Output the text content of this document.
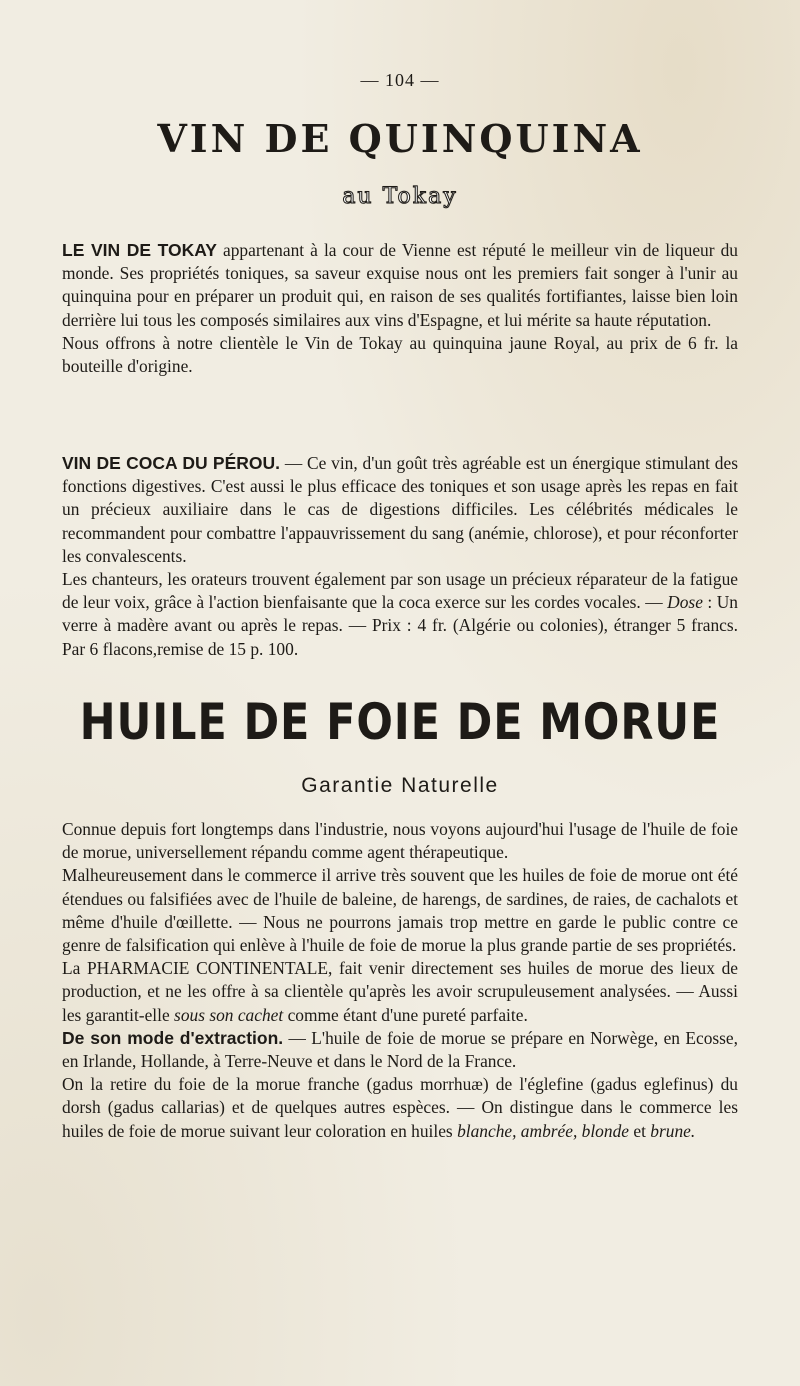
— 104 —
VIN DE QUINQUINA
au Tokay

LE VIN DE TOKAY appartenant à la cour de Vienne est réputé le meilleur vin de liqueur du monde. Ses propriétés toniques, sa saveur exquise nous ont les premiers fait songer à l'unir au quinquina pour en préparer un produit qui, en raison de ses qualités fortifiantes, laisse bien loin derrière lui tous les composés similaires aux vins d'Espagne, et lui mérite sa haute réputation.

Nous offrons à notre clientèle le Vin de Tokay au quinquina jaune Royal, au prix de 6 fr. la bouteille d'origine.

VIN DE COCA DU PÉROU. — Ce vin, d'un goût très agréable est un énergique stimulant des fonctions digestives. C'est aussi le plus efficace des toniques et son usage après les repas en fait un précieux auxiliaire dans le cas de digestions difficiles. Les célébrités médicales le recommandent pour combattre l'appauvrissement du sang (anémie, chlorose), et pour réconforter les convalescents.

Les chanteurs, les orateurs trouvent également par son usage un précieux réparateur de la fatigue de leur voix, grâce à l'action bienfaisante que la coca exerce sur les cordes vocales. — Dose : Un verre à madère avant ou après le repas. — Prix : 4 fr. (Algérie ou colonies), étranger 5 francs. Par 6 flacons,remise de 15 p. 100.

HUILE DE FOIE DE MORUE
Garantie Naturelle

Connue depuis fort longtemps dans l'industrie, nous voyons aujourd'hui l'usage de l'huile de foie de morue, universellement répandu comme agent thérapeutique.

Malheureusement dans le commerce il arrive très souvent que les huiles de foie de morue ont été étendues ou falsifiées avec de l'huile de baleine, de harengs, de sardines, de raies, de cachalots et même d'huile d'œillette. — Nous ne pourrons jamais trop mettre en garde le public contre ce genre de falsification qui enlève à l'huile de foie de morue la plus grande partie de ses propriétés.

La PHARMACIE CONTINENTALE, fait venir directement ses huiles de morue des lieux de production, et ne les offre à sa clientèle qu'après les avoir scrupuleusement analysées. — Aussi les garantit-elle sous son cachet comme étant d'une pureté parfaite.

De son mode d'extraction. — L'huile de foie de morue se prépare en Norwège, en Ecosse, en Irlande, Hollande, à Terre-Neuve et dans le Nord de la France.

On la retire du foie de la morue franche (gadus morrhuæ) de l'églefine (gadus eglefinus) du dorsh (gadus callarias) et de quelques autres espèces. — On distingue dans le commerce les huiles de foie de morue suivant leur coloration en huiles blanche, ambrée, blonde et brune.
